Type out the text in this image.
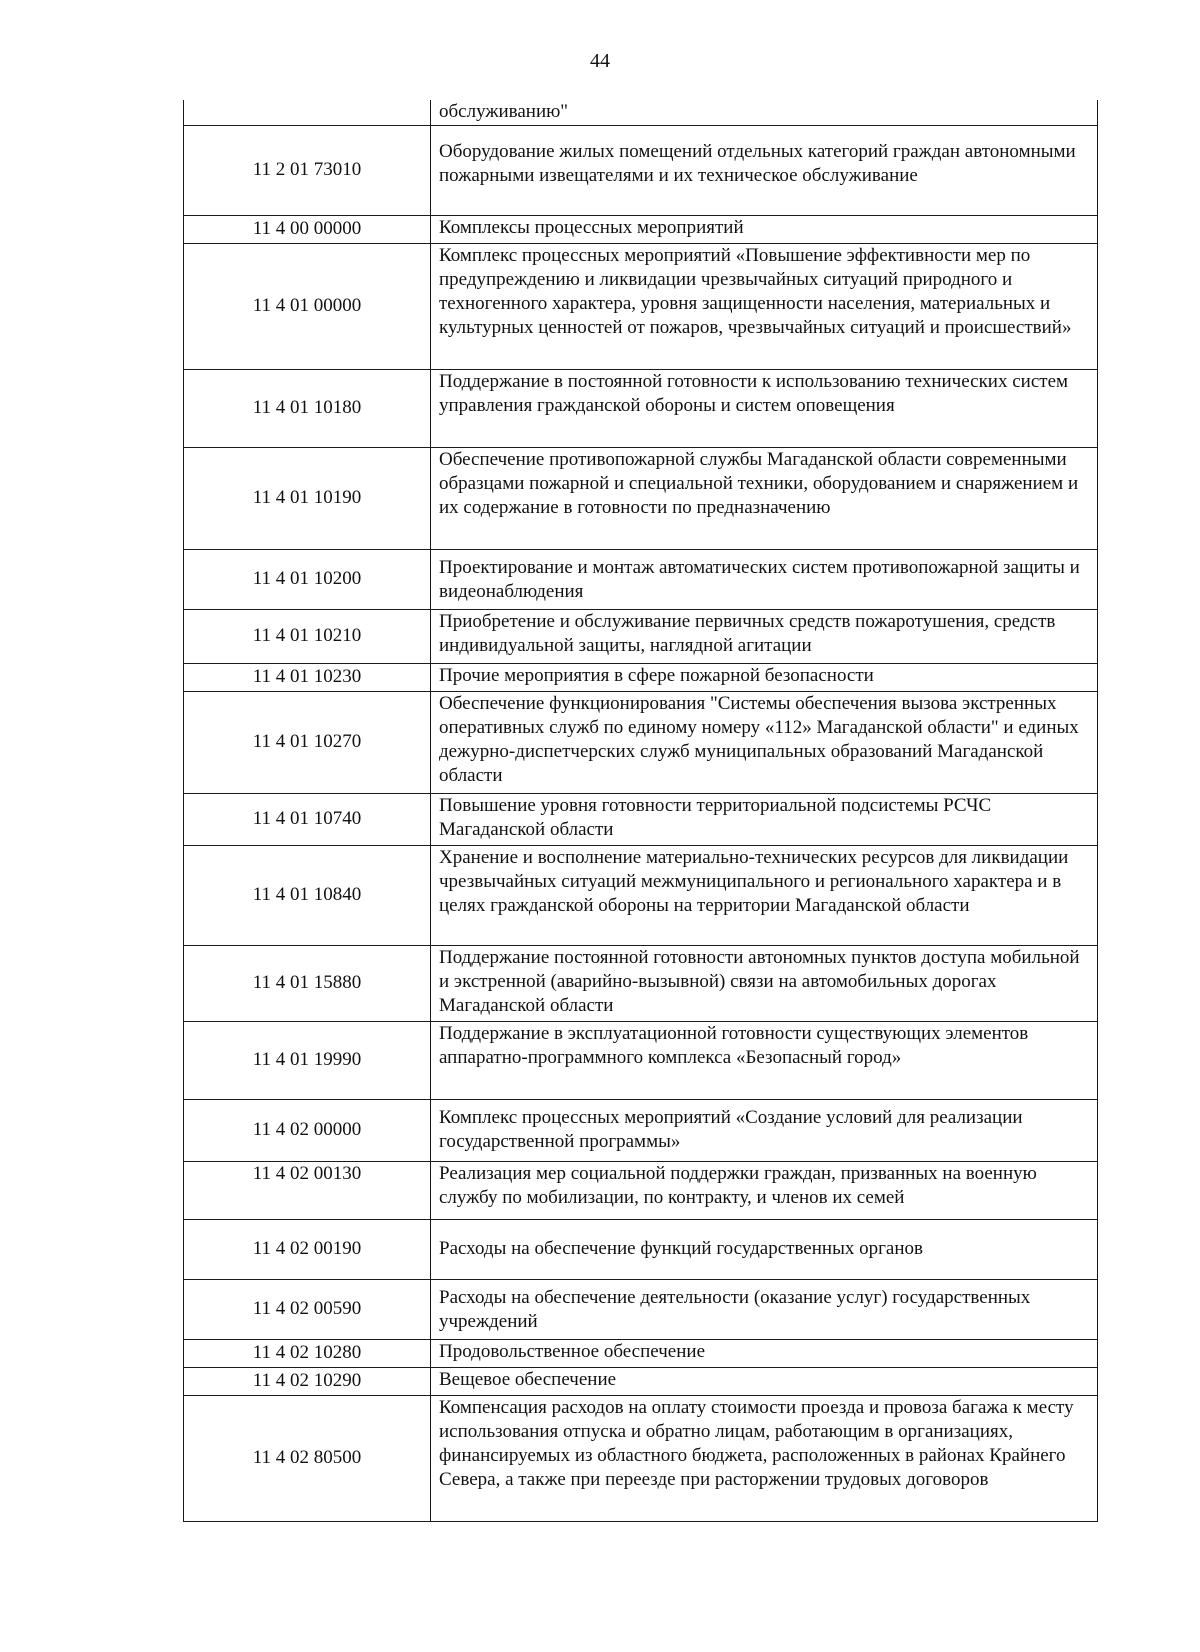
44
	обслуживанию"
11 2 01 73010	Оборудование жилых помещений отдельных категорий граждан автономными пожарными извещателями и их техническое обслуживание
11 4 00 00000	Комплексы процессных мероприятий
11 4 01 00000	Комплекс процессных мероприятий «Повышение эффективности мер по предупреждению и ликвидации чрезвычайных ситуаций природного и техногенного характера, уровня защищенности населения, материальных и культурных ценностей от пожаров, чрезвычайных ситуаций и происшествий»
11 4 01 10180	Поддержание в постоянной готовности к использованию технических систем управления гражданской обороны и систем оповещения
11 4 01 10190	Обеспечение противопожарной службы Магаданской области современными образцами пожарной и специальной техники, оборудованием и снаряжением и их содержание в готовности по предназначению
11 4 01 10200	Проектирование и монтаж автоматических систем противопожарной защиты и видеонаблюдения
11 4 01 10210	Приобретение и обслуживание первичных средств пожаротушения, средств индивидуальной защиты, наглядной агитации
11 4 01 10230	Прочие мероприятия в сфере пожарной безопасности
11 4 01 10270	Обеспечение функционирования "Системы обеспечения вызова экстренных оперативных служб по единому номеру «112» Магаданской области" и единых дежурно-диспетчерских служб муниципальных образований Магаданской области
11 4 01 10740	Повышение уровня готовности территориальной подсистемы РСЧС Магаданской области
11 4 01 10840	Хранение и восполнение материально-технических ресурсов для ликвидации чрезвычайных ситуаций межмуниципального и регионального характера и в целях гражданской обороны на территории Магаданской области
11 4 01 15880	Поддержание постоянной готовности автономных пунктов доступа мобильной и экстренной (аварийно-вызывной) связи на автомобильных дорогах Магаданской области
11 4 01 19990	Поддержание в эксплуатационной готовности существующих элементов аппаратно-программного комплекса «Безопасный город»
11 4 02 00000	Комплекс процессных мероприятий «Создание условий для реализации государственной программы»
11 4 02 00130	Реализация мер социальной поддержки граждан, призванных на военную службу по мобилизации, по контракту, и членов их семей
11 4 02 00190	Расходы на обеспечение функций государственных органов
11 4 02 00590	Расходы на обеспечение деятельности (оказание услуг) государственных учреждений
11 4 02 10280	Продовольственное обеспечение
11 4 02 10290	Вещевое обеспечение
11 4 02 80500	Компенсация расходов на оплату стоимости проезда и провоза багажа к месту использования отпуска и обратно лицам, работающим в организациях, финансируемых из областного бюджета, расположенных в районах Крайнего Севера, а также при переезде при расторжении трудовых договоров
